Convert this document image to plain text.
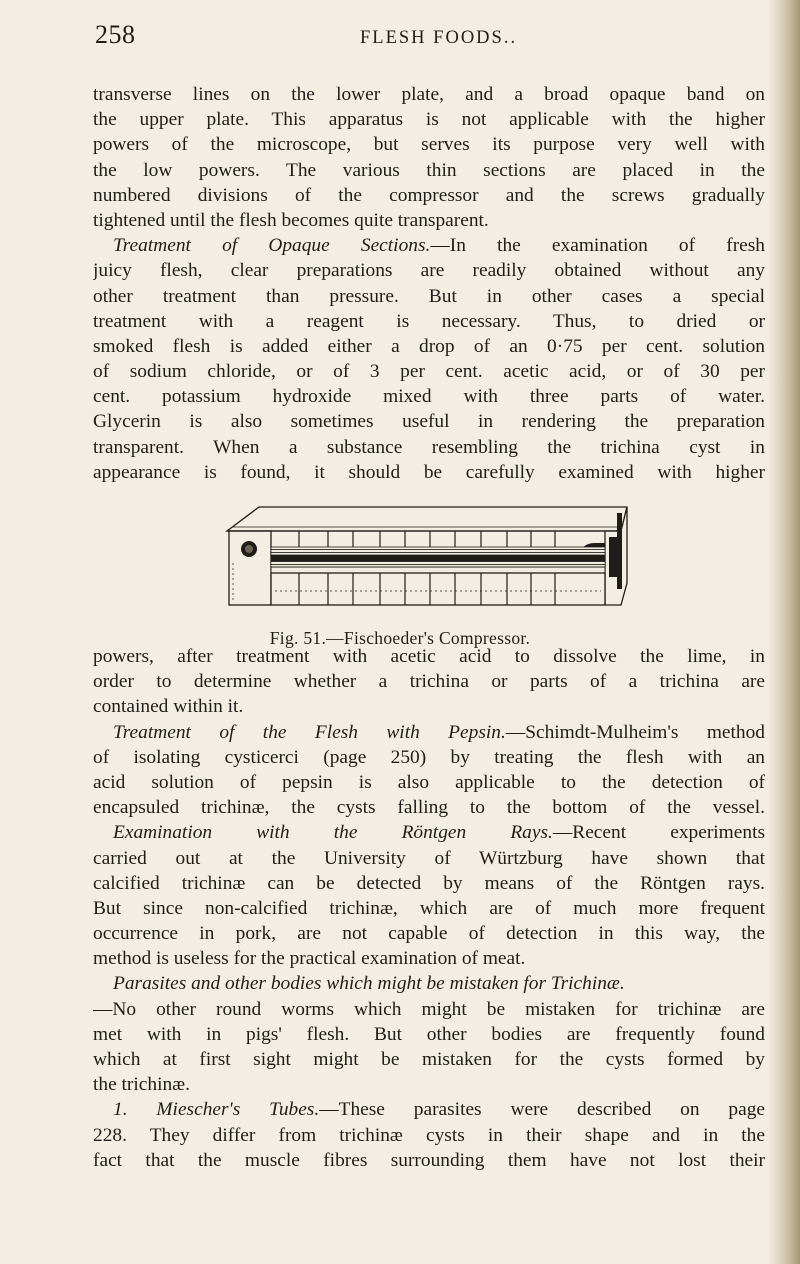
258	FLESH FOODS..
transverse lines on the lower plate, and a broad opaque band on
the upper plate. This apparatus is not applicable with the higher
powers of the microscope, but serves its purpose very well with
the low powers. The various thin sections are placed in the
numbered divisions of the compressor and the screws gradually
tightened until the flesh becomes quite transparent.
Treatment of Opaque Sections.—In the examination of fresh
juicy flesh, clear preparations are readily obtained without any
other treatment than pressure. But in other cases a special
treatment with a reagent is necessary. Thus, to dried or
smoked flesh is added either a drop of an 0·75 per cent. solution
of sodium chloride, or of 3 per cent. acetic acid, or of 30 per
cent. potassium hydroxide mixed with three parts of water.
Glycerin is also sometimes useful in rendering the preparation
transparent. When a substance resembling the trichina cyst in
appearance is found, it should be carefully examined with higher
Fig. 51.—Fischoeder's Compressor.
powers, after treatment with acetic acid to dissolve the lime, in
order to determine whether a trichina or parts of a trichina are
contained within it.
Treatment of the Flesh with Pepsin.—Schimdt-Mulheim's method
of isolating cysticerci (page 250) by treating the flesh with an
acid solution of pepsin is also applicable to the detection of
encapsuled trichinæ, the cysts falling to the bottom of the vessel.
Examination with the Röntgen Rays.—Recent experiments
carried out at the University of Würtzburg have shown that
calcified trichinæ can be detected by means of the Röntgen rays.
But since non-calcified trichinæ, which are of much more frequent
occurrence in pork, are not capable of detection in this way, the
method is useless for the practical examination of meat.
Parasites and other bodies which might be mistaken for Trichinæ.
—No other round worms which might be mistaken for trichinæ are
met with in pigs' flesh. But other bodies are frequently found
which at first sight might be mistaken for the cysts formed by
the trichinæ.
1. Miescher's Tubes.—These parasites were described on page
228. They differ from trichinæ cysts in their shape and in the
fact that the muscle fibres surrounding them have not lost their
